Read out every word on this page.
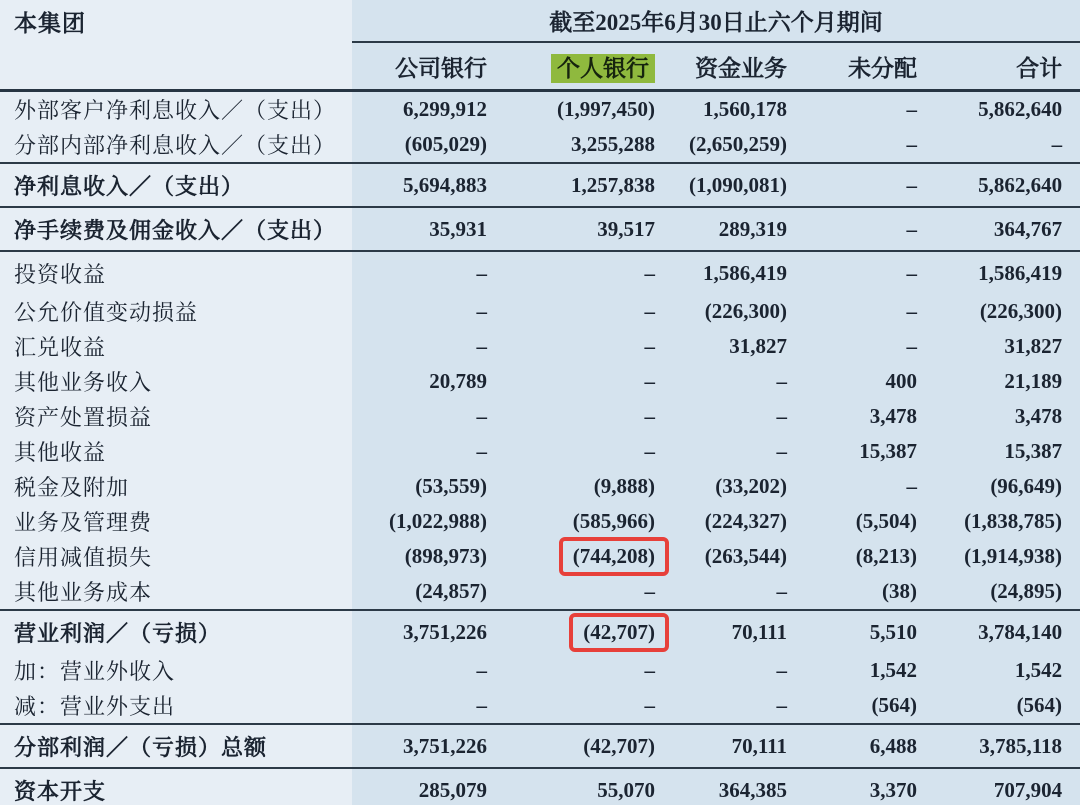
本集团	截至2025年6月30日止六个月期间				
	公司银行	个人银行	资金业务	未分配	合计
外部客户净利息收入／（支出）	6,299,912	(1,997,450)	1,560,178	–	5,862,640
分部内部净利息收入／（支出）	(605,029)	3,255,288	(2,650,259)	–	–
净利息收入／（支出）	5,694,883	1,257,838	(1,090,081)	–	5,862,640
净手续费及佣金收入／（支出）	35,931	39,517	289,319	–	364,767
投资收益	–	–	1,586,419	–	1,586,419
公允价值变动损益	–	–	(226,300)	–	(226,300)
汇兑收益	–	–	31,827	–	31,827
其他业务收入	20,789	–	–	400	21,189
资产处置损益	–	–	–	3,478	3,478
其他收益	–	–	–	15,387	15,387
税金及附加	(53,559)	(9,888)	(33,202)	–	(96,649)
业务及管理费	(1,022,988)	(585,966)	(224,327)	(5,504)	(1,838,785)
信用减值损失	(898,973)	(744,208)	(263,544)	(8,213)	(1,914,938)
其他业务成本	(24,857)	–	–	(38)	(24,895)
营业利润／（亏损）	3,751,226	(42,707)	70,111	5,510	3,784,140
加：营业外收入	–	–	–	1,542	1,542
减：营业外支出	–	–	–	(564)	(564)
分部利润／（亏损）总额	3,751,226	(42,707)	70,111	6,488	3,785,118
资本开支	285,079	55,070	364,385	3,370	707,904
